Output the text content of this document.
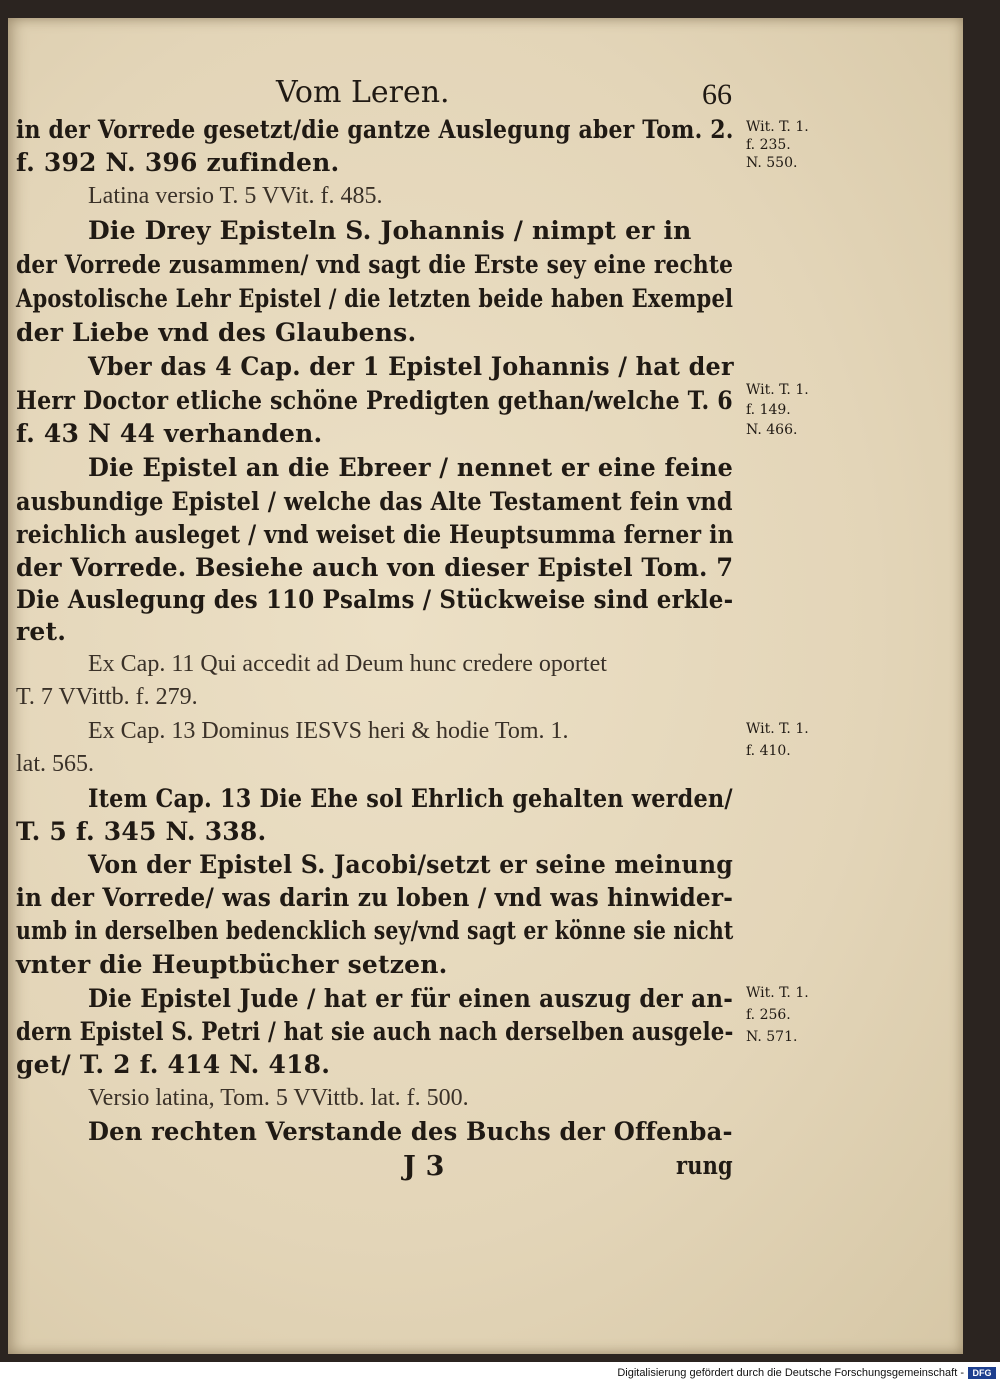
Vom Leren.	66
in der Vorrede gesetzt/die gantze Auslegung aber Tom. 2.
f. 392 N. 396 zufinden.
Latina versio T. 5 VVit. f. 485.
Die Drey Episteln S. Johannis / nimpt er in
der Vorrede zusammen/ vnd sagt die Erste sey eine rechte
Apostolische Lehr Epistel / die letzten beide haben Exempel
der Liebe vnd des Glaubens.
Vber das 4 Cap. der 1 Epistel Johannis / hat der
Herr Doctor etliche schöne Predigten gethan/welche T. 6
f. 43 N 44 verhanden.
Die Epistel an die Ebreer / nennet er eine feine
ausbundige Epistel / welche das Alte Testament fein vnd
reichlich ausleget / vnd weiset die Heuptsumma ferner in
der Vorrede. Besiehe auch von dieser Epistel Tom. 7
Die Auslegung des 110 Psalms / Stückweise sind erkle-
ret.
Ex Cap. 11 Qui accedit ad Deum hunc credere oportet
T. 7 VVittb. f. 279.
Ex Cap. 13 Dominus IESVS heri & hodie Tom. 1.
lat. 565.
Item Cap. 13 Die Ehe sol Ehrlich gehalten werden/
T. 5 f. 345 N. 338.
Von der Epistel S. Jacobi/setzt er seine meinung
in der Vorrede/ was darin zu loben / vnd was hinwider-
umb in derselben bedencklich sey/vnd sagt er könne sie nicht
vnter die Heuptbücher setzen.
Die Epistel Jude / hat er für einen auszug der an-
dern Epistel S. Petri / hat sie auch nach derselben ausgele-
get/ T. 2 f. 414 N. 418.
Versio latina, Tom. 5 VVittb. lat. f. 500.
Den rechten Verstande des Buchs der Offenba-
J 3	rung
Wit. T. 1.
f. 235.
N. 550.
Wit. T. 1.
f. 149.
N. 466.
Wit. T. 1.
f. 410.
Wit. T. 1.
f. 256.
N. 571.
Digitalisierung gefördert durch die Deutsche Forschungsgemeinschaft - DFG
